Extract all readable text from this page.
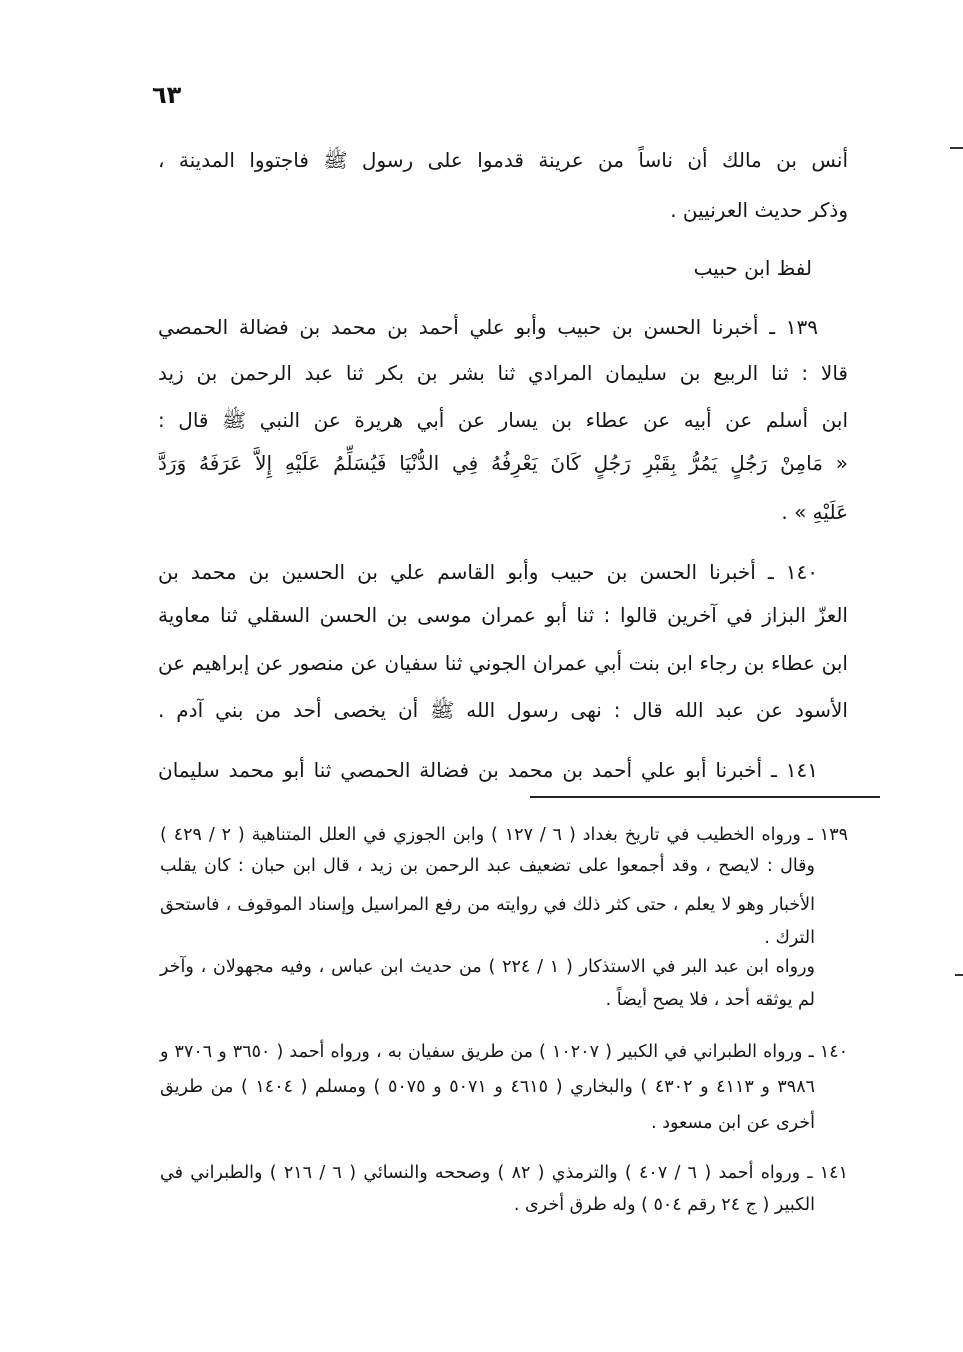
٦٣
أنس بن مالك أن ناساً من عرينة قدموا على رسول ﷺ فاجتووا المدينة ،
وذكر حديث العرنيين .
لفظ ابن حبيب
١٣٩ ـ أخبرنا الحسن بن حبيب وأبو علي أحمد بن محمد بن فضالة الحمصي
قالا : ثنا الربيع بن سليمان المرادي ثنا بشر بن بكر ثنا عبد الرحمن بن زيد
ابن أسلم عن أبيه عن عطاء بن يسار عن أبي هريرة عن النبي ﷺ قال :
« مَامِنْ رَجُلٍ يَمُرُّ بِقَبْرِ رَجُلٍ كَانَ يَعْرِفُهُ فِي الدُّنْيَا فَيُسَلِّمُ عَلَيْهِ إِلاَّ عَرَفَهُ وَرَدَّ
عَلَيْهِ » .
١٤٠ ـ أخبرنا الحسن بن حبيب وأبو القاسم علي بن الحسين بن محمد بن
العزّ البزاز في آخرين قالوا : ثنا أبو عمران موسى بن الحسن السقلي ثنا معاوية
ابن عطاء بن رجاء ابن بنت أبي عمران الجوني ثنا سفيان عن منصور عن إبراهيم عن
الأسود عن عبد الله قال : نهى رسول الله ﷺ أن يخصى أحد من بني آدم .
١٤١ ـ أخبرنا أبو علي أحمد بن محمد بن فضالة الحمصي ثنا أبو محمد سليمان
١٣٩ ـ ورواه الخطيب في تاريخ بغداد ( ٦ / ١٢٧ ) وابن الجوزي في العلل المتناهية ( ٢ / ٤٢٩ )
وقال : لايصح ، وقد أجمعوا على تضعيف عبد الرحمن بن زيد ، قال ابن حبان : كان يقلب
الأخبار وهو لا يعلم ، حتى كثر ذلك في روايته من رفع المراسيل وإسناد الموقوف ، فاستحق
الترك .
ورواه ابن عبد البر في الاستذكار ( ١ / ٢٢٤ ) من حديث ابن عباس ، وفيه مجهولان ، وآخر
لم يوثقه أحد ، فلا يصح أيضاً .
١٤٠ ـ ورواه الطبراني في الكبير ( ١٠٢٠٧ ) من طريق سفيان به ، ورواه أحمد ( ٣٦٥٠ و ٣٧٠٦ و
٣٩٨٦ و ٤١١٣ و ٤٣٠٢ ) والبخاري ( ٤٦١٥ و ٥٠٧١ و ٥٠٧٥ ) ومسلم ( ١٤٠٤ ) من طريق
أخرى عن ابن مسعود .
١٤١ ـ ورواه أحمد ( ٦ / ٤٠٧ ) والترمذي ( ٨٢ ) وصححه والنسائي ( ٦ / ٢١٦ ) والطبراني في
الكبير ( ج ٢٤ رقم ٥٠٤ ) وله طرق أخرى .
